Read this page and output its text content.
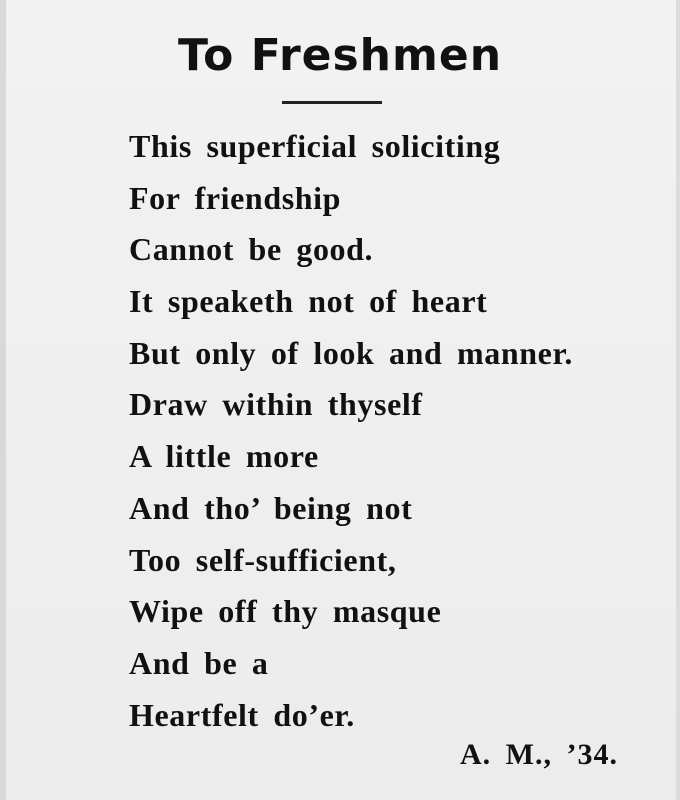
To Freshmen
This superficial soliciting
For friendship
Cannot be good.
It speaketh not of heart
But only of look and manner.
Draw within thyself
A little more
And tho’ being not
Too self-sufficient,
Wipe off thy masque
And be a
Heartfelt do’er.
A. M., ’34.
